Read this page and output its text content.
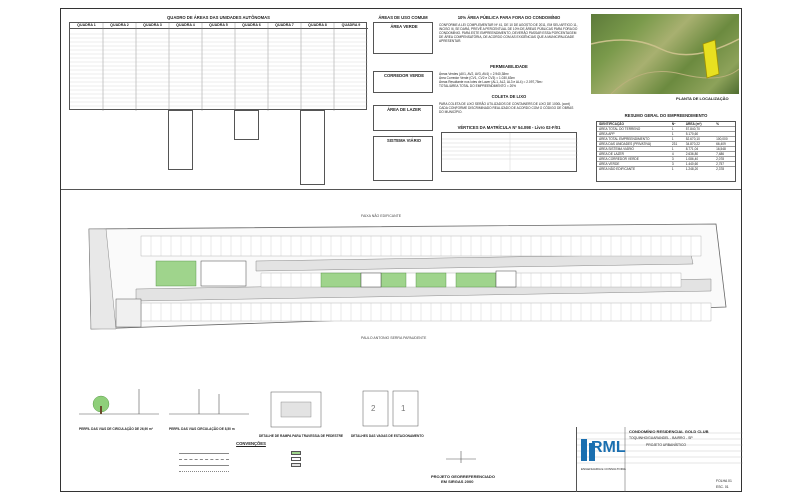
QUADRO DE ÁREAS DAS UNIDADES AUTÔNOMAS
QUADRA 1	QUADRA 2	QUADRA 3	QUADRA 4	QUADRA 5	QUADRA 6	QUADRA 7	QUADRA 8	QUADRA 9
ÁREAS DE USO COMUM
ÁREA VERDE
CORREDOR VERDE
ÁREA DE LAZER
SISTEMA VIÁRIO
10% ÁREA PÚBLICA PARA FORA DO CONDOMÍNIO
CONFORME A LEI COMPLEMENTAR Nº 41, DE 10 DE AGOSTO DE 2011, EM SEU ARTIGO 11, INCISO III, SE DARÁ, PREVÊ A PERCENTUAL DE 10% DE ÁREAS PÚBLICAS PARA FORA DO CONDOMÍNIO. PARA ESTE EMPREENDIMENTO, DEVERÃO PASSAR ESSA PORCENTAGEM DE ÁREA COMPENSATÓRIA, DE ACORDO COM AS EXIGÊNCIAS QUE A MUNICIPALIDADE APRESENTAR.
PERMEABILIDADE
Áreas Verdes (AV1, AV2, AV3, AV4) = 2.940,38m²
Área Corredor Verde (CV1, CV2 e CV3) = 1.030,63m²
Áreas Resultante nos lotes de Lazer (AL1, AL2, AL3 e AL4) = 2.097,75m²
TOTAL/ÁREA TOTAL DO EMPREENDIMENTO = 20%
COLETA DE LIXO
PARA COLETA DE LIXO SERÃO UTILIZADOS DE CONTAINERS DE LIXO DE 1000L (cont) CADA CONFORME DISCRIMINADO REALIZADO DE ACORDO COM O CÓDIGO DE OBRAS DO MUNICÍPIO.
VÉRTICES DA MATRÍCULA Nº 54.098 - Livro 02-F/01
PLANTA DE LOCALIZAÇÃO
RESUMO GERAL DO EMPREENDIMENTO
IDENTIFICAÇÃO	Nº	ÁREA (m²)	%
ÁREA TOTAL DO TERRENO	1	57.840,70
ÁREA APP	1	5.170,60
ÁREA TOTAL EMPREENDIMENTO	1	52.670,10	100,000
ÁREA DAS UNIDADES (PRIVATIVA)	231	34.870,22	66,409
ÁREA SISTEMA VIÁRIO	1	8.771,04	16,548
ÁREA DE LAZER	4	2.636,80	7,486
ÁREA CORREDOR VERDE	3	1.086,40	2,078
ÁREA VERDE	3	1.440,60	2,757
ÁREA NÃO EDIFICANTE	1	1.248,20	2,378
FAIXA NÃO EDIFICANTE
PAULO ANTONIO SERRA PAPAUDENTE
PERFIL DAS VIAS DE CIRCULAÇÃO DE 26,90 m²	PERFIL DAS VIAS CIRCULAÇÃO DE 8,50 m
DETALHE DE RAMPA PARA TRAVESSIA DE PEDESTRE DETALHES DAS VAGAS DE ESTACIONAMENTO
2	1
CONVENÇÕES
PROJETO GEORREFERENCIADO
EM SIRGAS 2000
RML
ENGENHARIA E CONSULTORIA
CONDOMÍNIO RESIDENCIAL GOLD CLUB
TOQUINHO/GUARANDEL - BAIRRO - SP
PROJETO URBANÍSTICO
FOLHA 01
ESC. 01
